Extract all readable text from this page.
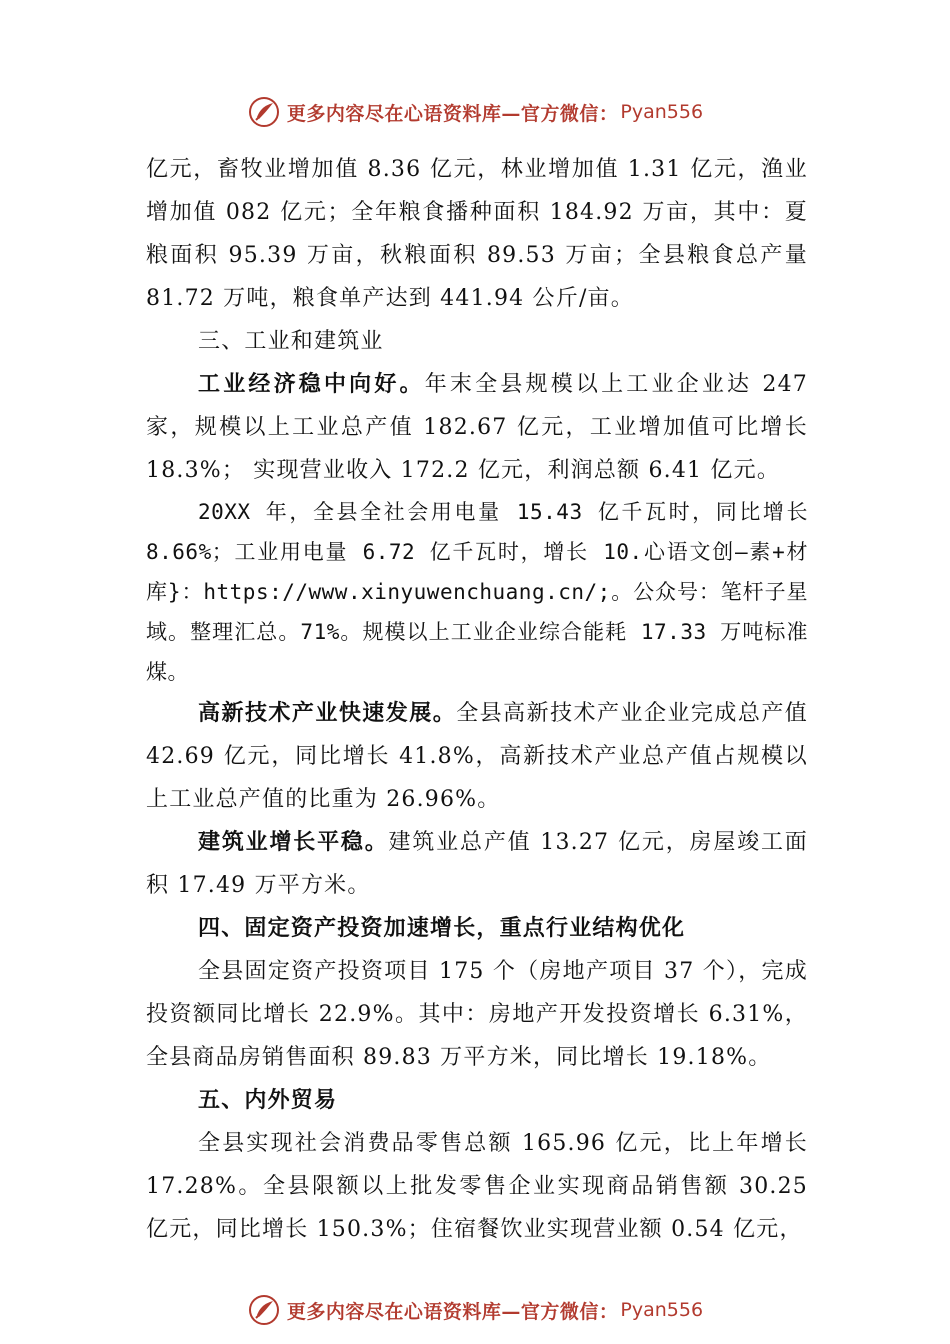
更多内容尽在心语资料库—官方微信： Pyan556

亿元，畜牧业增加值 8.36 亿元，林业增加值 1.31 亿元，渔业增加值 082 亿元；全年粮食播种面积 184.92 万亩，其中：夏粮面积 95.39 万亩，秋粮面积 89.53 万亩；全县粮食总产量 81.72 万吨，粮食单产达到 441.94 公斤/亩。

三、工业和建筑业

工业经济稳中向好。年末全县规模以上工业企业达 247 家，规模以上工业总产值 182.67 亿元，工业增加值可比增长 18.3%； 实现营业收入 172.2 亿元，利润总额 6.41 亿元。

20XX 年，全县全社会用电量 15.43 亿千瓦时，同比增长 8.66%；工业用电量 6.72 亿千瓦时，增长 10.心语文创—素+材库}：https://www.xinyuwenchuang.cn/;。公众号：笔杆子星域。整理汇总。71%。规模以上工业企业综合能耗 17.33 万吨标准煤。

高新技术产业快速发展。全县高新技术产业企业完成总产值 42.69 亿元，同比增长 41.8%，高新技术产业总产值占规模以上工业总产值的比重为 26.96%。

建筑业增长平稳。建筑业总产值 13.27 亿元，房屋竣工面积 17.49 万平方米。

四、固定资产投资加速增长，重点行业结构优化

全县固定资产投资项目 175 个（房地产项目 37 个），完成投资额同比增长 22.9%。其中：房地产开发投资增长 6.31%，全县商品房销售面积 89.83 万平方米，同比增长 19.18%。

五、内外贸易

全县实现社会消费品零售总额 165.96 亿元，比上年增长 17.28%。全县限额以上批发零售企业实现商品销售额 30.25 亿元，同比增长 150.3%；住宿餐饮业实现营业额 0.54 亿元，

更多内容尽在心语资料库—官方微信： Pyan556
